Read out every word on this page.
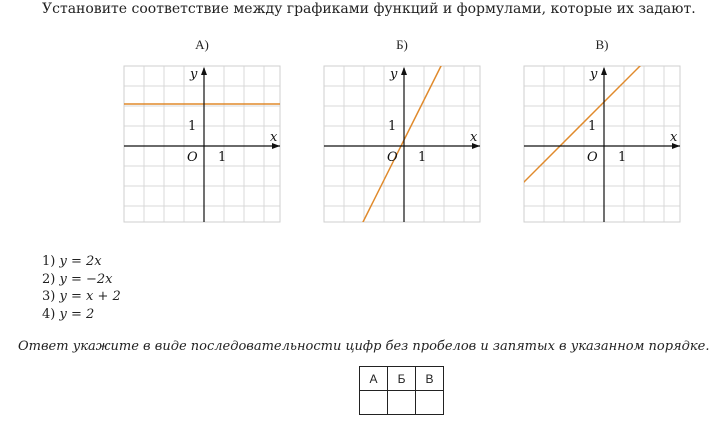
Установите соответствие между графиками функций и формулами, которые их задают.
А)	Б)	В)
x
y
O 1
1
x
y
O 1
1
x
y
O 1
1
1) y = 2x
2) y = −2x
3) y = x + 2
4) y = 2
Ответ укажите в виде последовательности цифр без пробелов и запятых в указанном порядке.
А	Б	В
